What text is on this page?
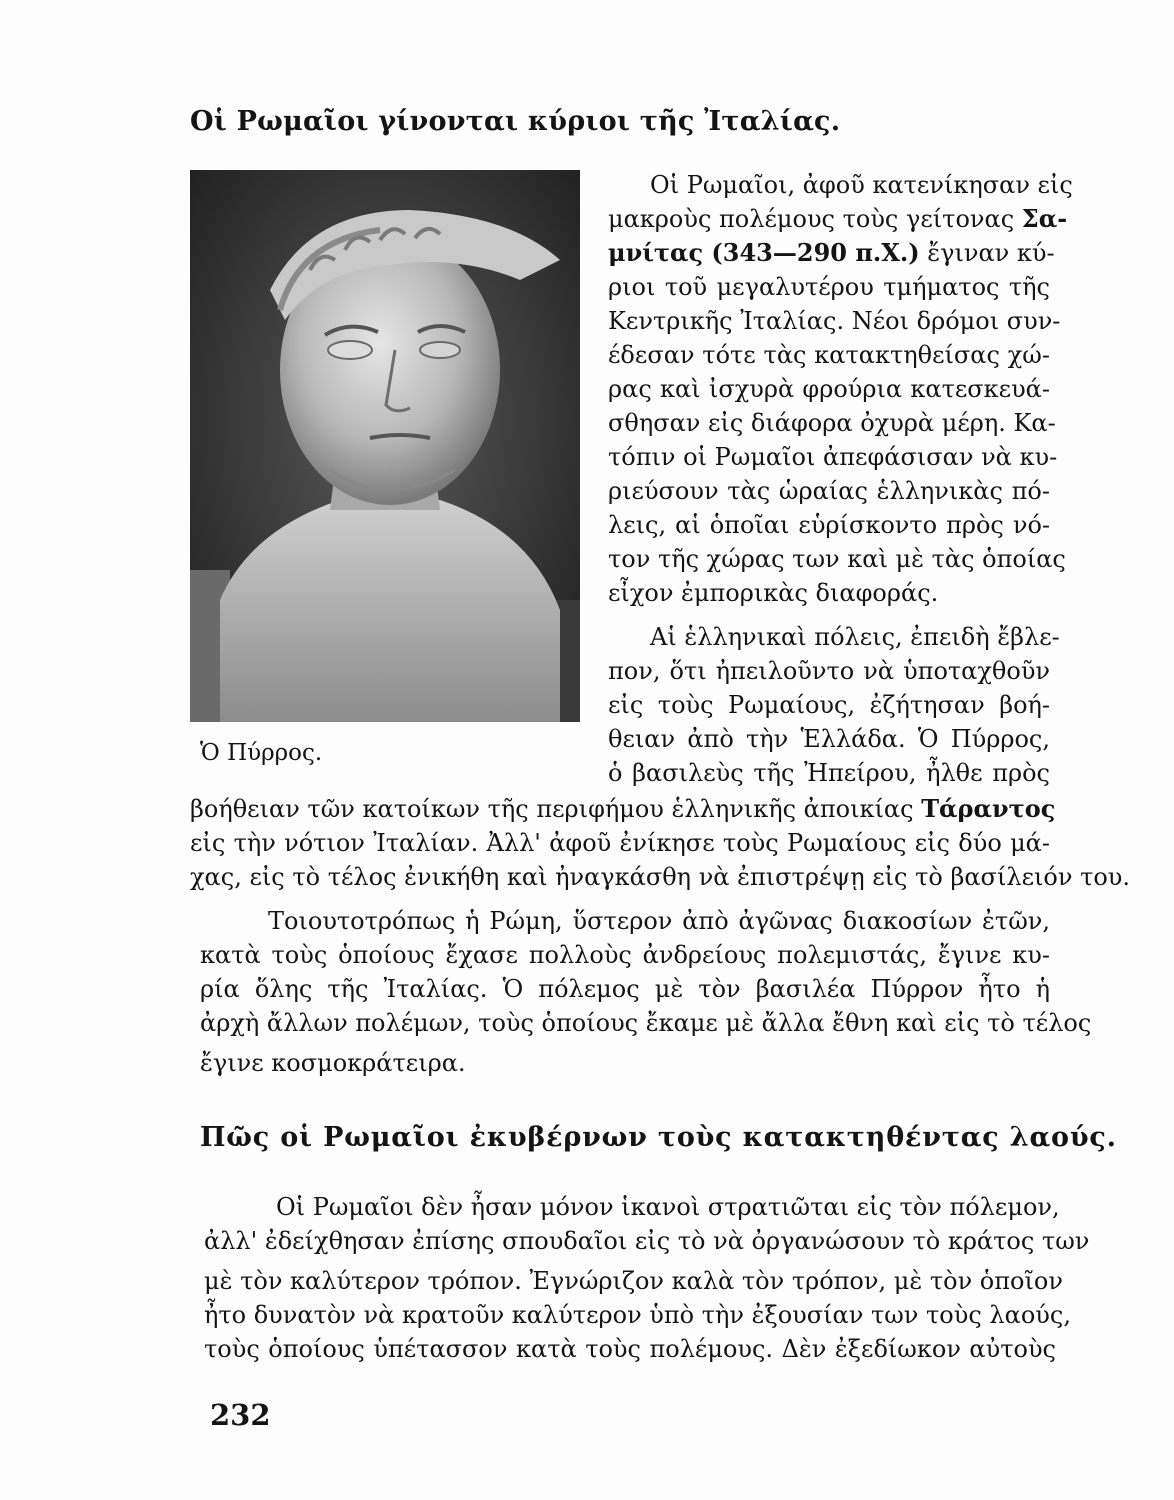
Οἱ Ρωμαῖοι γίνονται κύριοι τῆς Ἰταλίας.
Ὁ Πύρρος.
Οἱ Ρωμαῖοι, ἀφοῦ κατενίκησαν εἰς
μακροὺς πολέμους τοὺς γείτονας Σα-
μνίτας (343—290 π.Χ.) ἔγιναν κύ-
ριοι τοῦ μεγαλυτέρου τμήματος τῆς
Κεντρικῆς Ἰταλίας. Νέοι δρόμοι συν-
έδεσαν τότε τὰς κατακτηθείσας χώ-
ρας καὶ ἰσχυρὰ φρούρια κατεσκευά-
σθησαν εἰς διάφορα ὀχυρὰ μέρη. Κα-
τόπιν οἱ Ρωμαῖοι ἀπεφάσισαν νὰ κυ-
ριεύσουν τὰς ὡραίας ἑλληνικὰς πό-
λεις, αἱ ὁποῖαι εὑρίσκοντο πρὸς νό-
τον τῆς χώρας των καὶ μὲ τὰς ὁποίας
εἶχον ἐμπορικὰς διαφοράς.
Αἱ ἑλληνικαὶ πόλεις, ἐπειδὴ ἔβλε-
πον, ὅτι ἠπειλοῦντο νὰ ὑποταχθοῦν
εἰς τοὺς Ρωμαίους, ἐζήτησαν βοή-
θειαν ἀπὸ τὴν Ἑλλάδα. Ὁ Πύρρος,
ὁ βασιλεὺς τῆς Ἠπείρου, ἦλθε πρὸς
βοήθειαν τῶν κατοίκων τῆς περιφήμου ἑλληνικῆς ἀποικίας Τάραντος
εἰς τὴν νότιον Ἰταλίαν. Ἀλλ' ἀφοῦ ἐνίκησε τοὺς Ρωμαίους εἰς δύο μά-
χας, εἰς τὸ τέλος ἐνικήθη καὶ ἠναγκάσθη νὰ ἐπιστρέψῃ εἰς τὸ βασίλειόν του.
Τοιουτοτρόπως ἡ Ρώμη, ὕστερον ἀπὸ ἀγῶνας διακοσίων ἐτῶν,
κατὰ τοὺς ὁποίους ἔχασε πολλοὺς ἀνδρείους πολεμιστάς, ἔγινε κυ-
ρία ὅλης τῆς Ἰταλίας. Ὁ πόλεμος μὲ τὸν βασιλέα Πύρρον ἦτο ἡ
ἀρχὴ ἄλλων πολέμων, τοὺς ὁποίους ἔκαμε μὲ ἄλλα ἔθνη καὶ εἰς τὸ τέλος
ἔγινε κοσμοκράτειρα.
Πῶς οἱ Ρωμαῖοι ἐκυβέρνων τοὺς κατακτηθέντας λαούς.
Οἱ Ρωμαῖοι δὲν ἦσαν μόνον ἱκανοὶ στρατιῶται εἰς τὸν πόλεμον,
ἀλλ' ἐδείχθησαν ἐπίσης σπουδαῖοι εἰς τὸ νὰ ὀργανώσουν τὸ κράτος των
μὲ τὸν καλύτερον τρόπον. Ἐγνώριζον καλὰ τὸν τρόπον, μὲ τὸν ὁποῖον
ἦτο δυνατὸν νὰ κρατοῦν καλύτερον ὑπὸ τὴν ἐξουσίαν των τοὺς λαούς,
τοὺς ὁποίους ὑπέτασσον κατὰ τοὺς πολέμους. Δὲν ἐξεδίωκον αὐτοὺς
232
